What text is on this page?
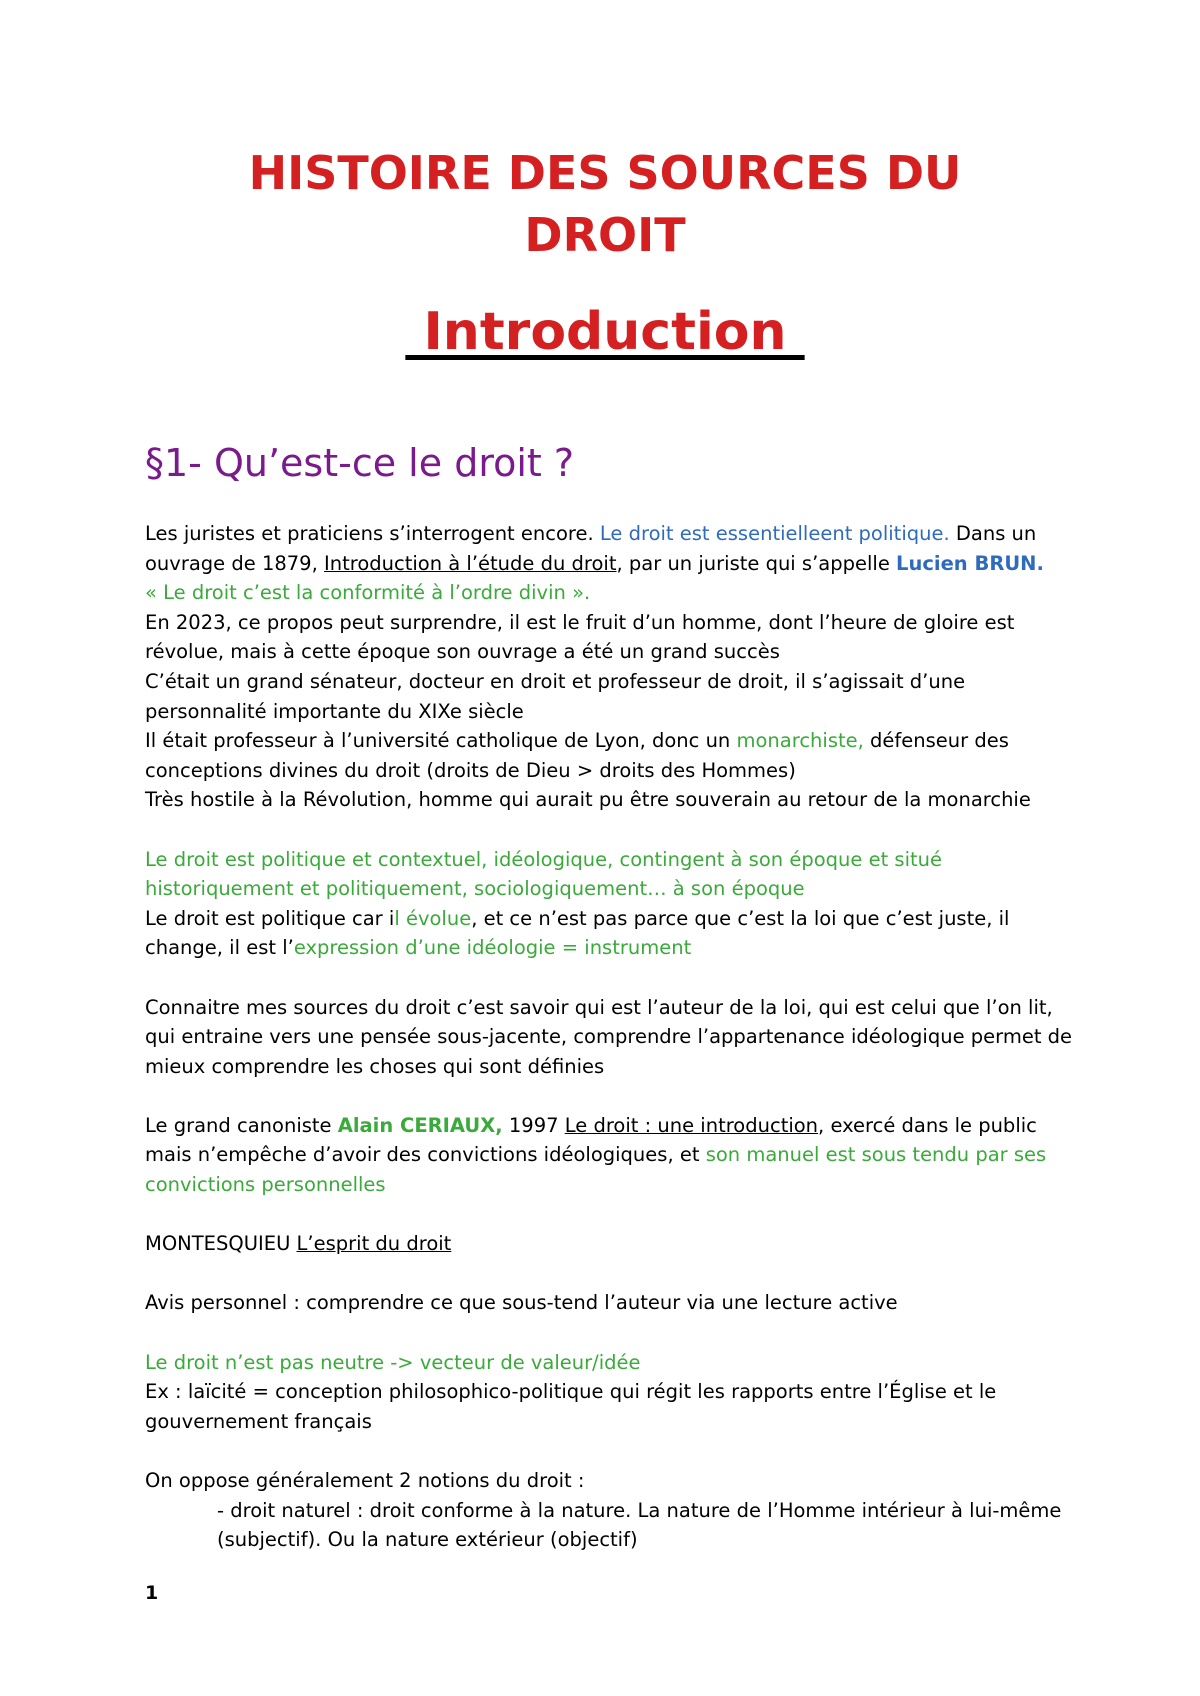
HISTOIRE DES SOURCES DU
DROIT
Introduction
§1- Qu’est-ce le droit ?

Les juristes et praticiens s’interrogent encore. Le droit est essentielleent politique. Dans un ouvrage de 1879, Introduction à l’étude du droit, par un juriste qui s’appelle Lucien BRUN.

« Le droit c’est la conformité à l’ordre divin ».

En 2023, ce propos peut surprendre, il est le fruit d’un homme, dont l’heure de gloire est révolue, mais à cette époque son ouvrage a été un grand succès

C’était un grand sénateur, docteur en droit et professeur de droit, il s’agissait d’une personnalité importante du XIXe siècle

Il était professeur à l’université catholique de Lyon, donc un monarchiste, défenseur des conceptions divines du droit (droits de Dieu > droits des Hommes)

Très hostile à la Révolution, homme qui aurait pu être souverain au retour de la monarchie

Le droit est politique et contextuel, idéologique, contingent à son époque et situé historiquement et politiquement, sociologiquement… à son époque

Le droit est politique car il évolue, et ce n’est pas parce que c’est la loi que c’est juste, il change, il est l’expression d’une idéologie = instrument

Connaitre mes sources du droit c’est savoir qui est l’auteur de la loi, qui est celui que l’on lit, qui entraine vers une pensée sous-jacente, comprendre l’appartenance idéologique permet de mieux comprendre les choses qui sont définies

Le grand canoniste Alain CERIAUX, 1997 Le droit : une introduction, exercé dans le public mais n’empêche d’avoir des convictions idéologiques, et son manuel est sous tendu par ses convictions personnelles

MONTESQUIEU L’esprit du droit

Avis personnel : comprendre ce que sous-tend l’auteur via une lecture active

Le droit n’est pas neutre -> vecteur de valeur/idée

Ex : laïcité = conception philosophico-politique qui régit les rapports entre l’Église et le gouvernement français

On oppose généralement 2 notions du droit :

- droit naturel : droit conforme à la nature. La nature de l’Homme intérieur à lui-même (subjectif). Ou la nature extérieur (objectif)

1
